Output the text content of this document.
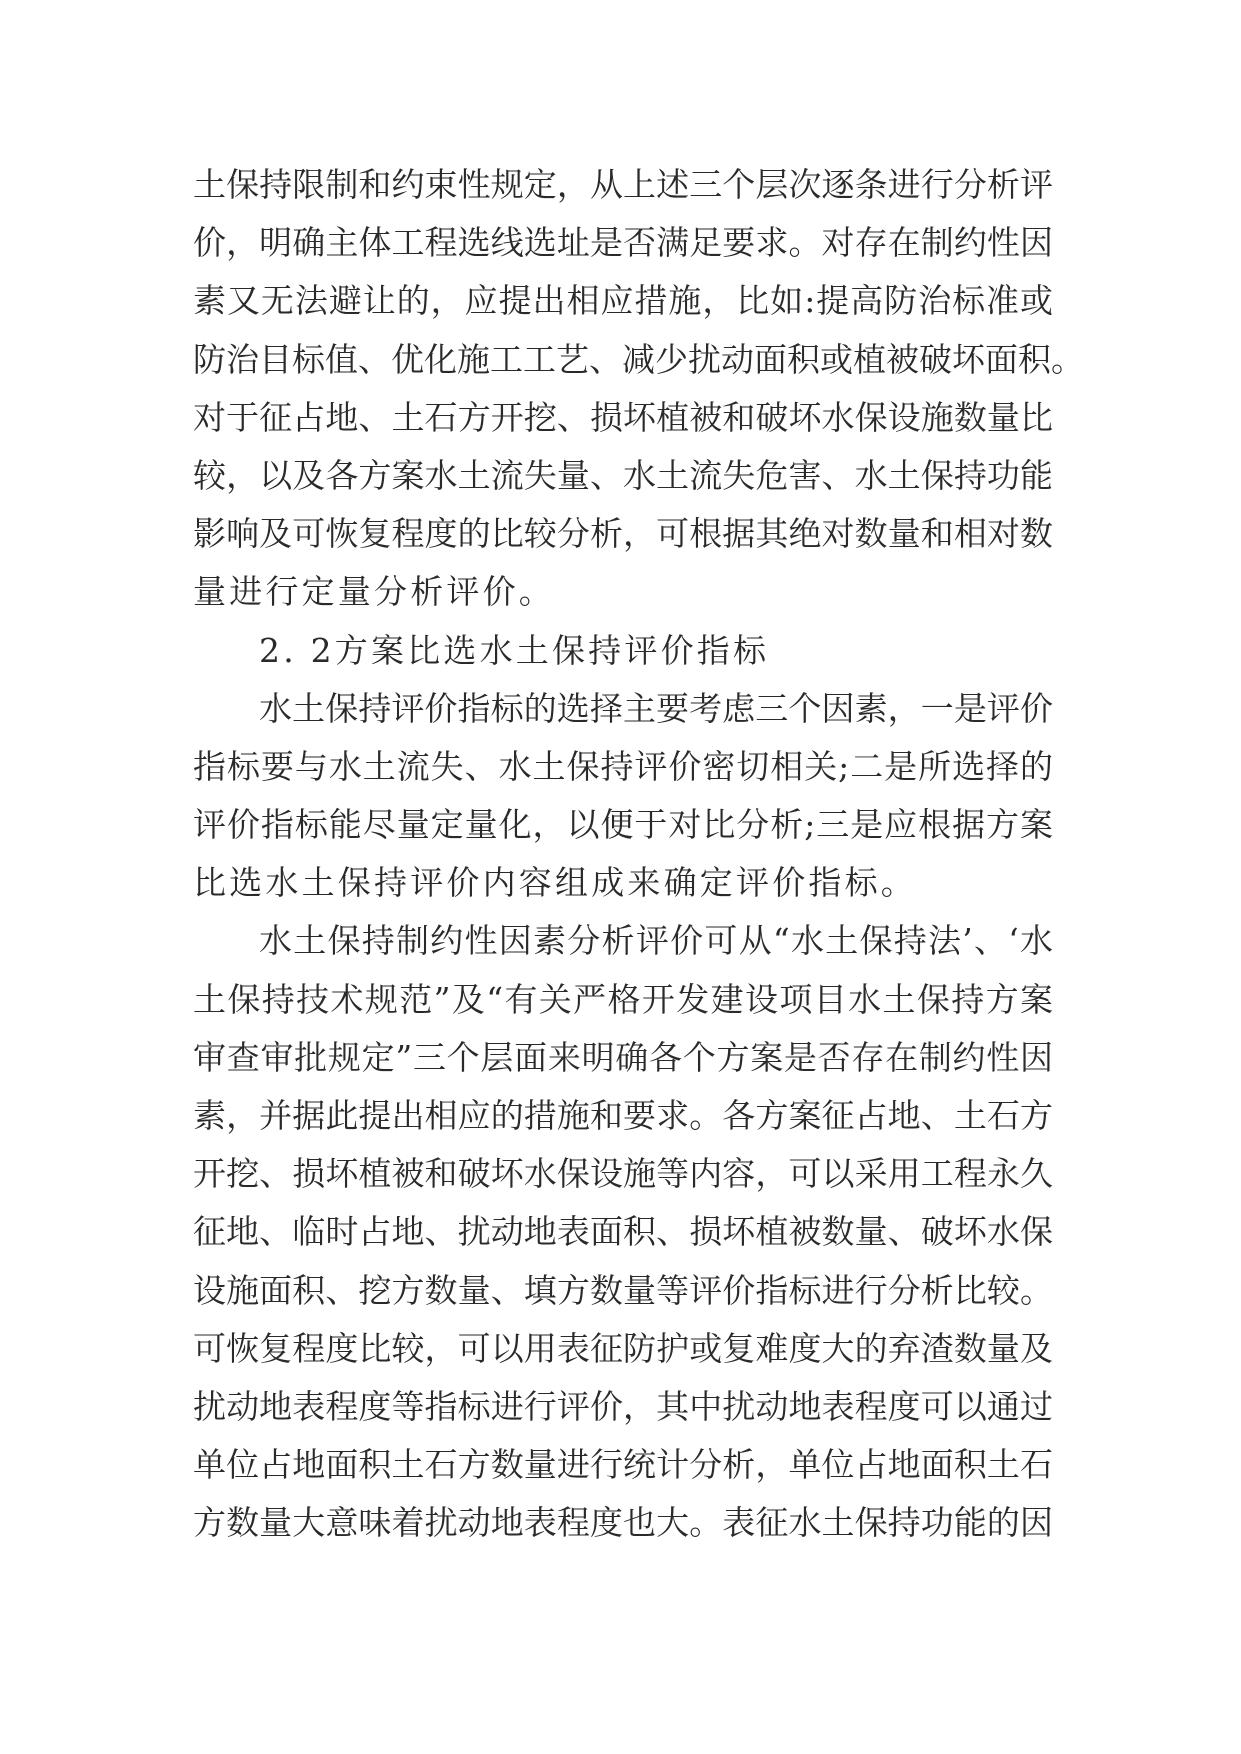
土保持限制和约束性规定，从上述三个层次逐条进行分析评
价，明确主体工程选线选址是否满足要求。对存在制约性因
素又无法避让的，应提出相应措施，比如:提高防治标准或
防治目标值、优化施工工艺、减少扰动面积或植被破坏面积。
对于征占地、土石方开挖、损坏植被和破坏水保设施数量比
较，以及各方案水土流失量、水土流失危害、水土保持功能
影响及可恢复程度的比较分析，可根据其绝对数量和相对数
量进行定量分析评价。
2. 2方案比选水土保持评价指标
水土保持评价指标的选择主要考虑三个因素，一是评价
指标要与水土流失、水土保持评价密切相关;二是所选择的
评价指标能尽量定量化，以便于对比分析;三是应根据方案
比选水土保持评价内容组成来确定评价指标。
水土保持制约性因素分析评价可从“水土保持法’、‘水
土保持技术规范”及“有关严格开发建设项目水土保持方案
审查审批规定”三个层面来明确各个方案是否存在制约性因
素，并据此提出相应的措施和要求。各方案征占地、土石方
开挖、损坏植被和破坏水保设施等内容，可以采用工程永久
征地、临时占地、扰动地表面积、损坏植被数量、破坏水保
设施面积、挖方数量、填方数量等评价指标进行分析比较。
可恢复程度比较，可以用表征防护或复难度大的弃渣数量及
扰动地表程度等指标进行评价，其中扰动地表程度可以通过
单位占地面积土石方数量进行统计分析，单位占地面积土石
方数量大意味着扰动地表程度也大。表征水土保持功能的因
